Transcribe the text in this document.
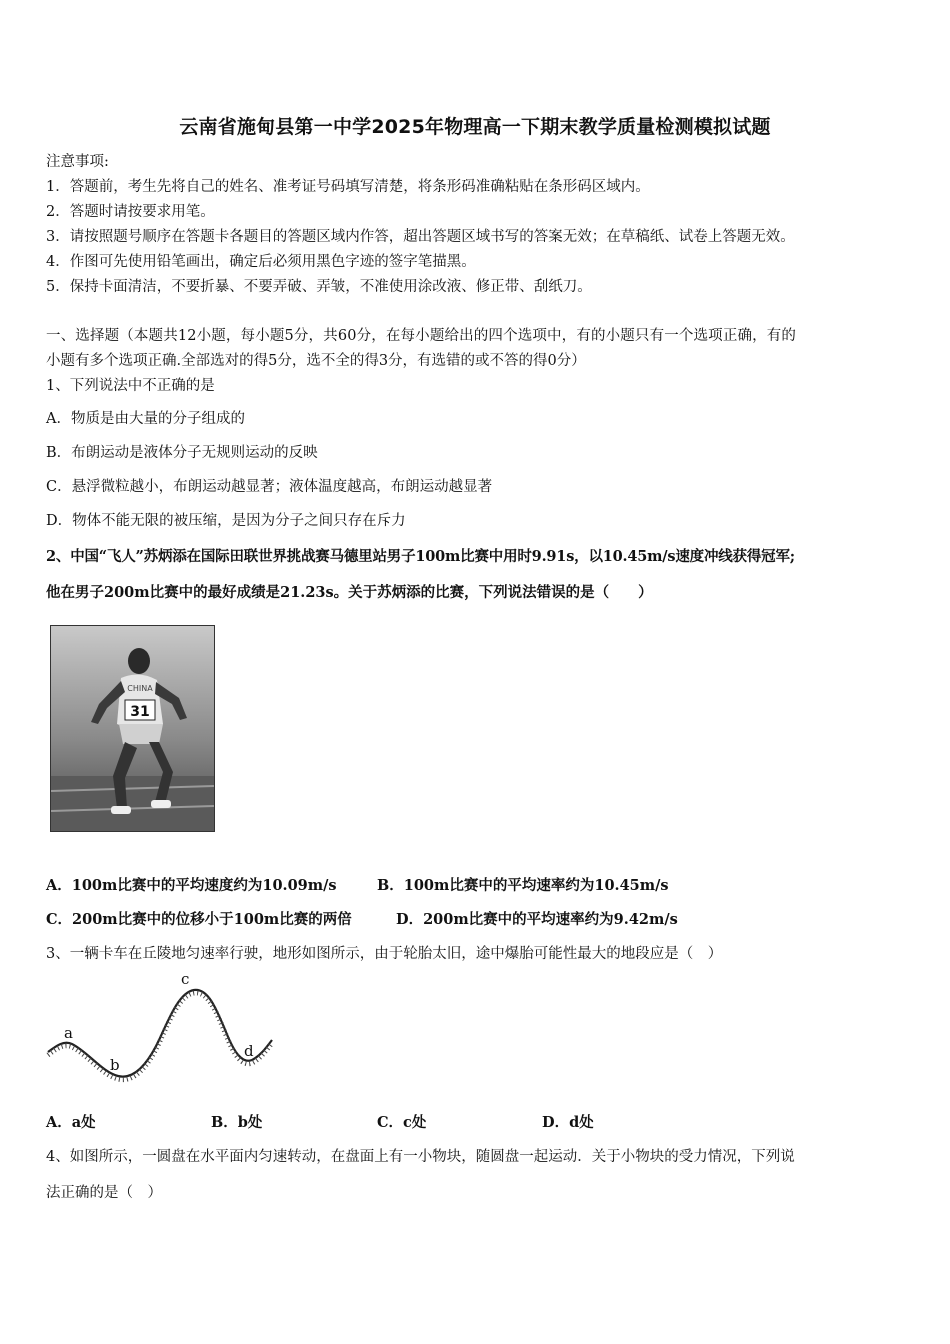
云南省施甸县第一中学2025年物理高一下期末教学质量检测模拟试题
注意事项:
1．答题前，考生先将自己的姓名、准考证号码填写清楚，将条形码准确粘贴在条形码区域内。
2．答题时请按要求用笔。
3．请按照题号顺序在答题卡各题目的答题区域内作答，超出答题区域书写的答案无效；在草稿纸、试卷上答题无效。
4．作图可先使用铅笔画出，确定后必须用黑色字迹的签字笔描黑。
5．保持卡面清洁，不要折暴、不要弄破、弄皱，不准使用涂改液、修正带、刮纸刀。
一、选择题（本题共12小题，每小题5分，共60分，在每小题给出的四个选项中，有的小题只有一个选项正确，有的
小题有多个选项正确.全部选对的得5分，选不全的得3分，有选错的或不答的得0分）
1、下列说法中不正确的是
A．物质是由大量的分子组成的
B．布朗运动是液体分子无规则运动的反映
C．悬浮微粒越小，布朗运动越显著；液体温度越高，布朗运动越显著
D．物体不能无限的被压缩，是因为分子之间只存在斥力
2、中国“飞人”苏炳添在国际田联世界挑战赛马德里站男子100m比赛中用时9.91s，以10.45m/s速度冲线获得冠军;
他在男子200m比赛中的最好成绩是21.23s。关于苏炳添的比赛，下列说法错误的是（　　）
31
CHINA
A．100m比赛中的平均速度约为10.09m/s	B．100m比赛中的平均速率约为10.45m/s
C．200m比赛中的位移小于100m比赛的两倍	D．200m比赛中的平均速率约为9.42m/s
3、一辆卡车在丘陵地匀速率行驶，地形如图所示，由于轮胎太旧，途中爆胎可能性最大的地段应是（　）
a
b
c
d
A．a处	B．b处	C．c处	D．d处
4、如图所示，一圆盘在水平面内匀速转动，在盘面上有一小物块，随圆盘一起运动．关于小物块的受力情况，下列说
法正确的是（　）
